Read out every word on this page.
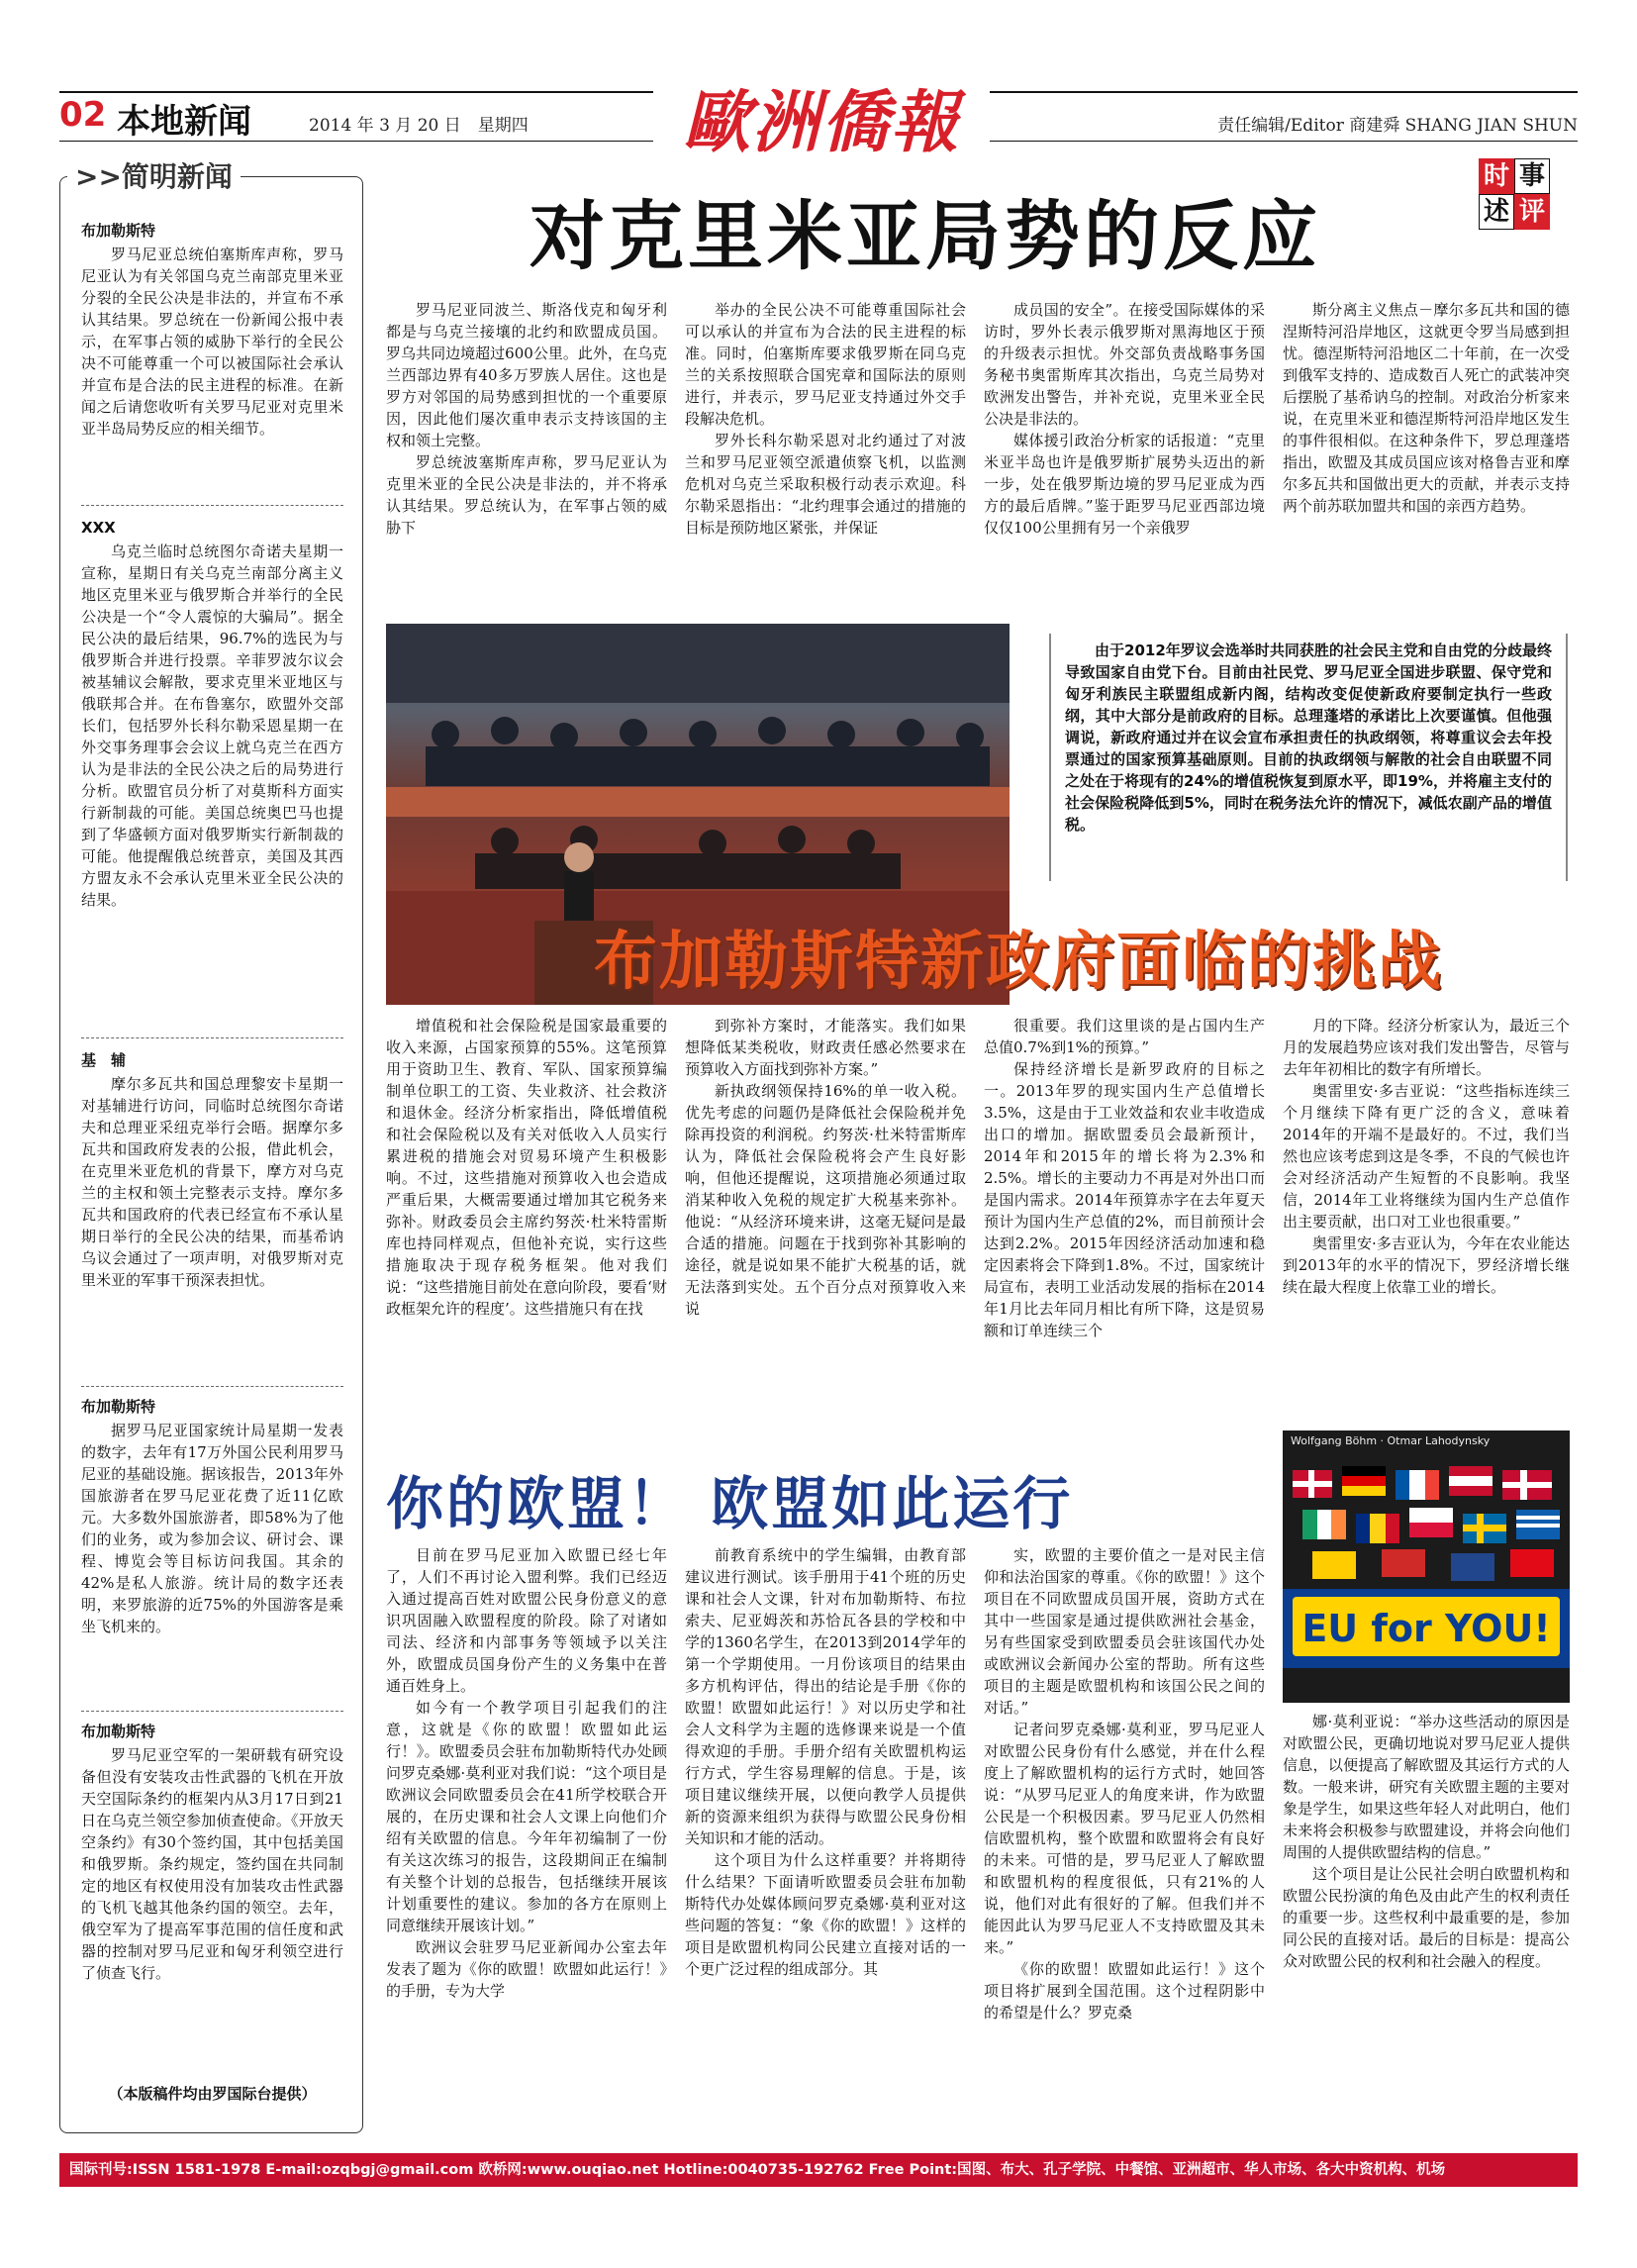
02 本地新闻	2014 年 3 月 20 日　星期四 歐洲僑報	责任编辑/Editor 商建舜 SHANG JIAN SHUN
>>简明新闻
布加勒斯特
罗马尼亚总统伯塞斯库声称，罗马尼亚认为有关邻国乌克兰南部克里米亚分裂的全民公决是非法的，并宣布不承认其结果。罗总统在一份新闻公报中表示，在军事占领的威胁下举行的全民公决不可能尊重一个可以被国际社会承认并宣布是合法的民主进程的标准。在新闻之后请您收听有关罗马尼亚对克里米亚半岛局势反应的相关细节。
XXX
乌克兰临时总统图尔奇诺夫星期一宣称，星期日有关乌克兰南部分离主义地区克里米亚与俄罗斯合并举行的全民公决是一个“令人震惊的大骗局”。据全民公决的最后结果，96.7%的选民为与俄罗斯合并进行投票。辛菲罗波尔议会被基辅议会解散，要求克里米亚地区与俄联邦合并。在布鲁塞尔，欧盟外交部长们，包括罗外长科尔勒采恩星期一在外交事务理事会会议上就乌克兰在西方认为是非法的全民公决之后的局势进行分析。欧盟官员分析了对莫斯科方面实行新制裁的可能。美国总统奥巴马也提到了华盛顿方面对俄罗斯实行新制裁的可能。他提醒俄总统普京，美国及其西方盟友永不会承认克里米亚全民公决的结果。
基　辅
摩尔多瓦共和国总理黎安卡星期一对基辅进行访问，同临时总统图尔奇诺夫和总理亚采纽克举行会晤。据摩尔多瓦共和国政府发表的公报，借此机会，在克里米亚危机的背景下，摩方对乌克兰的主权和领土完整表示支持。摩尔多瓦共和国政府的代表已经宣布不承认星期日举行的全民公决的结果，而基希讷乌议会通过了一项声明，对俄罗斯对克里米亚的军事干预深表担忧。
布加勒斯特
据罗马尼亚国家统计局星期一发表的数字，去年有17万外国公民利用罗马尼亚的基础设施。据该报告，2013年外国旅游者在罗马尼亚花费了近11亿欧元。大多数外国旅游者，即58%为了他们的业务，或为参加会议、研讨会、课程、博览会等目标访问我国。其余的42%是私人旅游。统计局的数字还表明，来罗旅游的近75%的外国游客是乘坐飞机来的。
布加勒斯特
罗马尼亚空军的一架研载有研究设备但没有安装攻击性武器的飞机在开放天空国际条约的框架内从3月17日到21日在乌克兰领空参加侦查使命。《开放天空条约》有30个签约国，其中包括美国和俄罗斯。条约规定，签约国在共同制定的地区有权使用没有加装攻击性武器的飞机飞越其他条约国的领空。去年，俄空军为了提高军事范围的信任度和武器的控制对罗马尼亚和匈牙利领空进行了侦查飞行。
（本版稿件均由罗国际台提供）
时 事
述 评
对克里米亚局势的反应

罗马尼亚同波兰、斯洛伐克和匈牙利都是与乌克兰接壤的北约和欧盟成员国。罗乌共同边境超过600公里。此外，在乌克兰西部边界有40多万罗族人居住。这也是罗方对邻国的局势感到担忧的一个重要原因，因此他们屡次重申表示支持该国的主权和领土完整。

罗总统波塞斯库声称，罗马尼亚认为克里米亚的全民公决是非法的，并不将承认其结果。罗总统认为，在军事占领的威胁下

举办的全民公决不可能尊重国际社会可以承认的并宣布为合法的民主进程的标准。同时，伯塞斯库要求俄罗斯在同乌克兰的关系按照联合国宪章和国际法的原则进行，并表示，罗马尼亚支持通过外交手段解决危机。

罗外长科尔勒采恩对北约通过了对波兰和罗马尼亚领空派遣侦察飞机，以监测危机对乌克兰采取积极行动表示欢迎。科尔勒采恩指出：“北约理事会通过的措施的目标是预防地区紧张，并保证

成员国的安全”。在接受国际媒体的采访时，罗外长表示俄罗斯对黑海地区于预的升级表示担忧。外交部负责战略事务国务秘书奥雷斯库其次指出，乌克兰局势对欧洲发出警告，并补充说，克里米亚全民公决是非法的。

媒体援引政治分析家的话报道：“克里米亚半岛也许是俄罗斯扩展势头迈出的新一步，处在俄罗斯边境的罗马尼亚成为西方的最后盾牌。”鉴于距罗马尼亚西部边境仅仅100公里拥有另一个亲俄罗

斯分离主义焦点－摩尔多瓦共和国的德涅斯特河沿岸地区，这就更令罗当局感到担忧。德涅斯特河沿地区二十年前，在一次受到俄军支持的、造成数百人死亡的武装冲突后摆脱了基希讷乌的控制。对政治分析家来说，在克里米亚和德涅斯特河沿岸地区发生的事件很相似。在这种条件下，罗总理蓬塔指出，欧盟及其成员国应该对格鲁吉亚和摩尔多瓦共和国做出更大的贡献，并表示支持两个前苏联加盟共和国的亲西方趋势。

由于2012年罗议会选举时共同获胜的社会民主党和自由党的分歧最终导致国家自由党下台。目前由社民党、罗马尼亚全国进步联盟、保守党和匈牙利族民主联盟组成新内阁，结构改变促使新政府要制定执行一些政纲，其中大部分是前政府的目标。总理蓬塔的承诺比上次要谨慎。但他强调说，新政府通过并在议会宣布承担责任的执政纲领，将尊重议会去年投票通过的国家预算基础原则。目前的执政纲领与解散的社会自由联盟不同之处在于将现有的24%的增值税恢复到原水平，即19%，并将雇主支付的社会保险税降低到5%，同时在税务法允许的情况下，减低农副产品的增值税。
布加勒斯特新政府面临的挑战

增值税和社会保险税是国家最重要的收入来源，占国家预算的55%。这笔预算用于资助卫生、教育、军队、国家预算编制单位职工的工资、失业救济、社会救济和退休金。经济分析家指出，降低增值税和社会保险税以及有关对低收入人员实行累进税的措施会对贸易环境产生积极影响。不过，这些措施对预算收入也会造成严重后果，大概需要通过增加其它税务来弥补。财政委员会主席约努茨·杜米特雷斯库也持同样观点，但他补充说，实行这些措施取决于现存税务框架。他对我们说：“这些措施目前处在意向阶段，要看‘财政框架允许的程度’。这些措施只有在找

到弥补方案时，才能落实。我们如果想降低某类税收，财政责任感必然要求在预算收入方面找到弥补方案。”

新执政纲领保持16%的单一收入税。优先考虑的问题仍是降低社会保险税并免除再投资的利润税。约努茨·杜米特雷斯库认为，降低社会保险税将会产生良好影响，但他还提醒说，这项措施必须通过取消某种收入免税的规定扩大税基来弥补。他说：“从经济环境来讲，这毫无疑问是最合适的措施。问题在于找到弥补其影响的途径，就是说如果不能扩大税基的话，就无法落到实处。五个百分点对预算收入来说

很重要。我们这里谈的是占国内生产总值0.7%到1%的预算。”

保持经济增长是新罗政府的目标之一。2013年罗的现实国内生产总值增长3.5%，这是由于工业效益和农业丰收造成出口的增加。据欧盟委员会最新预计，2014年和2015年的增长将为2.3%和2.5%。增长的主要动力不再是对外出口而是国内需求。2014年预算赤字在去年夏天预计为国内生产总值的2%，而目前预计会达到2.2%。2015年因经济活动加速和稳定因素将会下降到1.8%。不过，国家统计局宣布，表明工业活动发展的指标在2014年1月比去年同月相比有所下降，这是贸易额和订单连续三个

月的下降。经济分析家认为，最近三个月的发展趋势应该对我们发出警告，尽管与去年年初相比的数字有所增长。

奥雷里安·多吉亚说：“这些指标连续三个月继续下降有更广泛的含义，意味着2014年的开端不是最好的。不过，我们当然也应该考虑到这是冬季，不良的气候也许会对经济活动产生短暂的不良影响。我坚信，2014年工业将继续为国内生产总值作出主要贡献，出口对工业也很重要。”

奥雷里安·多吉亚认为，今年在农业能达到2013年的水平的情况下，罗经济增长继续在最大程度上依靠工业的增长。

你的欧盟！ 欧盟如此运行
Wolfgang Böhm · Otmar Lahodynsky
EU for YOU!

目前在罗马尼亚加入欧盟已经七年了，人们不再讨论入盟利弊。我们已经迈入通过提高百姓对欧盟公民身份意义的意识巩固融入欧盟程度的阶段。除了对诸如司法、经济和内部事务等领域予以关注外，欧盟成员国身份产生的义务集中在普通百姓身上。

如今有一个教学项目引起我们的注意，这就是《你的欧盟！欧盟如此运行！》。欧盟委员会驻布加勒斯特代办处顾问罗克桑娜·莫利亚对我们说：“这个项目是欧洲议会同欧盟委员会在41所学校联合开展的，在历史课和社会人文课上向他们介绍有关欧盟的信息。今年年初编制了一份有关这次练习的报告，这段期间正在编制有关整个计划的总报告，包括继续开展该计划重要性的建议。参加的各方在原则上同意继续开展该计划。”

欧洲议会驻罗马尼亚新闻办公室去年发表了题为《你的欧盟！欧盟如此运行！》的手册，专为大学

前教育系统中的学生编辑，由教育部建议进行测试。该手册用于41个班的历史课和社会人文课，针对布加勒斯特、布拉索夫、尼亚姆茨和苏恰瓦各县的学校和中学的1360名学生，在2013到2014学年的第一个学期使用。一月份该项目的结果由多方机构评估，得出的结论是手册《你的欧盟！欧盟如此运行！》对以历史学和社会人文科学为主题的选修课来说是一个值得欢迎的手册。手册介绍有关欧盟机构运行方式，学生容易理解的信息。于是，该项目建议继续开展，以便向教学人员提供新的资源来组织为获得与欧盟公民身份相关知识和才能的活动。

这个项目为什么这样重要？并将期待什么结果？下面请听欧盟委员会驻布加勒斯特代办处媒体顾问罗克桑娜·莫利亚对这些问题的答复：“象《你的欧盟！》这样的项目是欧盟机构同公民建立直接对话的一个更广泛过程的组成部分。其

实，欧盟的主要价值之一是对民主信仰和法治国家的尊重。《你的欧盟！》这个项目在不同欧盟成员国开展，资助方式在其中一些国家是通过提供欧洲社会基金，另有些国家受到欧盟委员会驻该国代办处或欧洲议会新闻办公室的帮助。所有这些项目的主题是欧盟机构和该国公民之间的对话。”

记者问罗克桑娜·莫利亚，罗马尼亚人对欧盟公民身份有什么感觉，并在什么程度上了解欧盟机构的运行方式时，她回答说：“从罗马尼亚人的角度来讲，作为欧盟公民是一个积极因素。罗马尼亚人仍然相信欧盟机构，整个欧盟和欧盟将会有良好的未来。可惜的是，罗马尼亚人了解欧盟和欧盟机构的程度很低，只有21%的人说，他们对此有很好的了解。但我们并不能因此认为罗马尼亚人不支持欧盟及其未来。”

《你的欧盟！欧盟如此运行！》这个项目将扩展到全国范围。这个过程阴影中的希望是什么？罗克桑

娜·莫利亚说：“举办这些活动的原因是对欧盟公民，更确切地说对罗马尼亚人提供信息，以便提高了解欧盟及其运行方式的人数。一般来讲，研究有关欧盟主题的主要对象是学生，如果这些年轻人对此明白，他们未来将会积极参与欧盟建设，并将会向他们周围的人提供欧盟结构的信息。”

这个项目是让公民社会明白欧盟机构和欧盟公民扮演的角色及由此产生的权利责任的重要一步。这些权利中最重要的是，参加同公民的直接对话。最后的目标是：提高公众对欧盟公民的权利和社会融入的程度。

国际刊号:ISSN 1581-1978 E-mail:ozqbgj@gmail.com 欧桥网:www.ouqiao.net Hotline:0040735-192762 Free Point:国图、布大、孔子学院、中餐馆、亚洲超市、华人市场、各大中资机构、机场
